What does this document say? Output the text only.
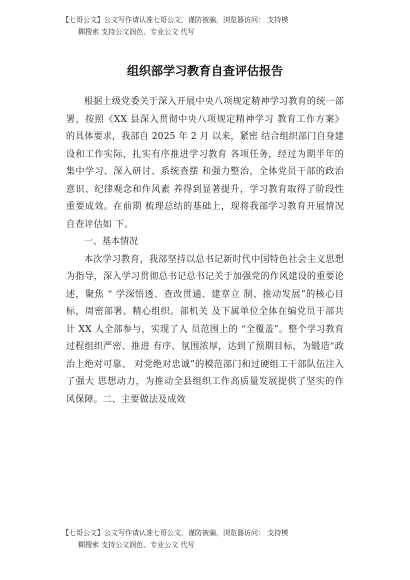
【七哥公文】公文写作请认准七哥公文，谨防被骗，浏览器访问： 支持模
糊搜索 支持公文润色、专业公文 代写
组织部学习教育自查评估报告

根据上级党委关于深入开展中央八项规定精神学习教育的统一部署，按照《XX 县深入贯彻中央八项规定精神学习 教育工作方案》 的具体要求，我部自 2025 年 2 月 以来，紧密 结合组织部门自身建设和工作实际，扎实有序推进学习教育 各项任务，经过为期半年的集中学习、深入研讨、系统查摆 和强力整治，全体党员干部的政治意识、纪律观念和作风素 养得到显著提升，学习教育取得了阶段性重要成效。在前期 梳理总结的基础上，现将我部学习教育开展情况自查评估如 下。

一、基本情况

本次学习教育，我部坚持以总书记新时代中国特色社会主义思想为指导，深入学习贯彻总书记总书记关于加强党的作风建设的重要论述，聚焦 “ 学深悟透、查改贯通、建章立 制、推动发展”的核心目标，周密部署、精心组织。部机关 及下属单位全体在编党员干部共计 XX 人全部参与，实现了人 员范围上的 “全覆盖”。整个学习教育过程组织严密、推进 有序、氛围浓厚，达到了预期目标，为锻造“政治上绝对可靠、 对党绝对忠诚”的模范部门和过硬组工干部队伍注入了强大 思想动力，为推动全县组织工作高质量发展提供了坚实的作 风保障。二、主要做法及成效

【七哥公文】公文写作请认准七哥公文，谨防被骗，浏览器访问： 支持模
糊搜索 支持公文润色、专业公文 代写
